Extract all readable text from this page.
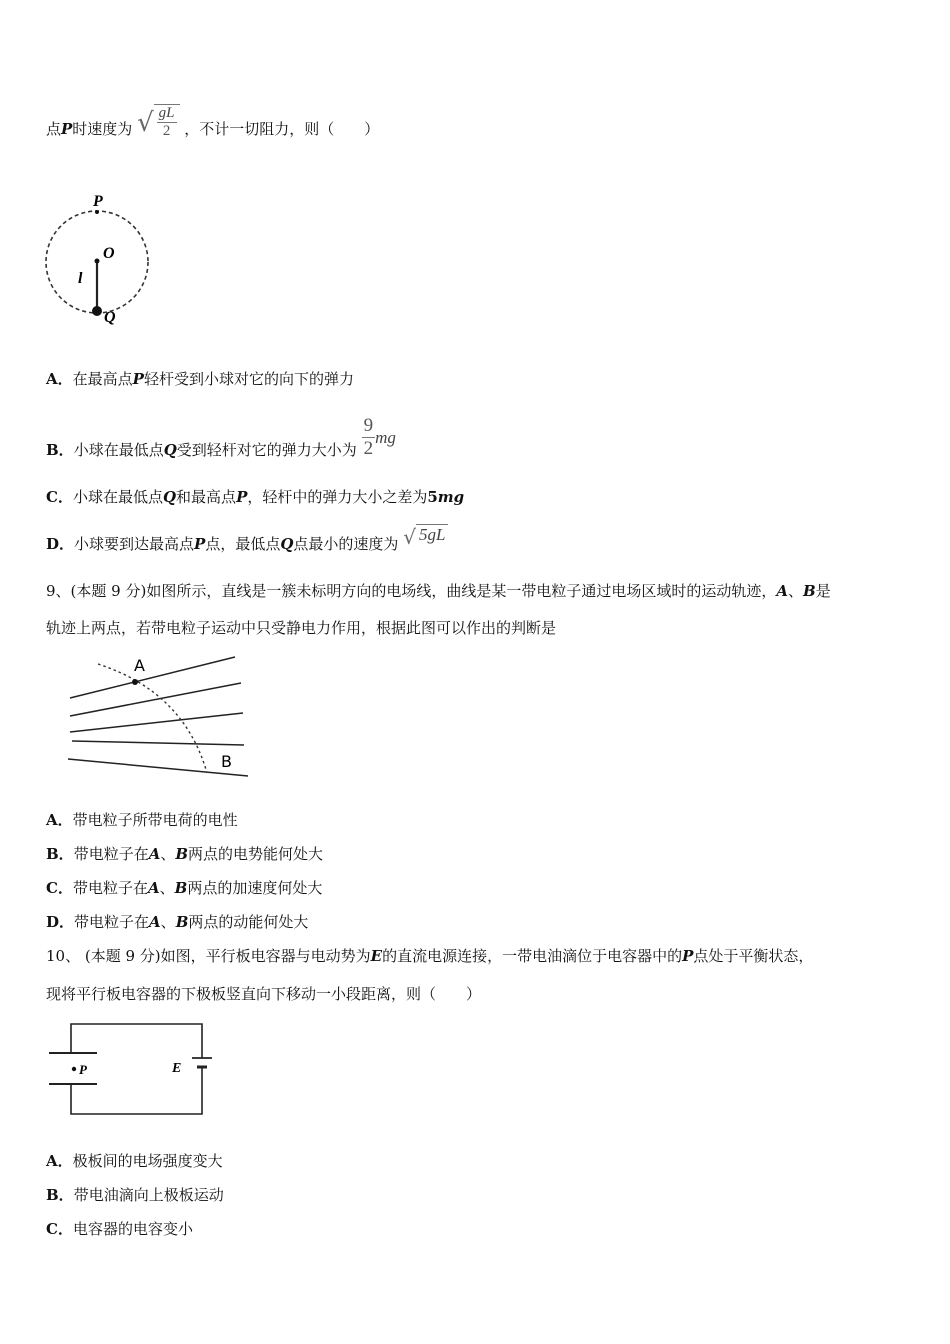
点P时速度为 √ $\frac{gL}{2}$ ，不计一切阻力，则（　　）
P
O
l
Q
A．在最高点P轻杆受到小球对它的向下的弹力
B．小球在最低点Q受到轻杆对它的弹力大小为 $\frac{9}{2}$ mg
C．小球在最低点Q和最高点P，轻杆中的弹力大小之差为5mg
D．小球要到达最高点P点，最低点Q点最小的速度为 √ 5gL
9、(本题 9 分)如图所示，直线是一簇未标明方向的电场线，曲线是某一带电粒子通过电场区域时的运动轨迹，A、B是
轨迹上两点，若带电粒子运动中只受静电力作用，根据此图可以作出的判断是
A
B
A．带电粒子所带电荷的电性
B．带电粒子在A、B两点的电势能何处大
C．带电粒子在A、B两点的加速度何处大
D．带电粒子在A、B两点的动能何处大
10、 (本题 9 分)如图，平行板电容器与电动势为E的直流电源连接，一带电油滴位于电容器中的P点处于平衡状态，
现将平行板电容器的下极板竖直向下移动一小段距离，则（　　）
P	E
A．极板间的电场强度变大
B．带电油滴向上极板运动
C．电容器的电容变小
